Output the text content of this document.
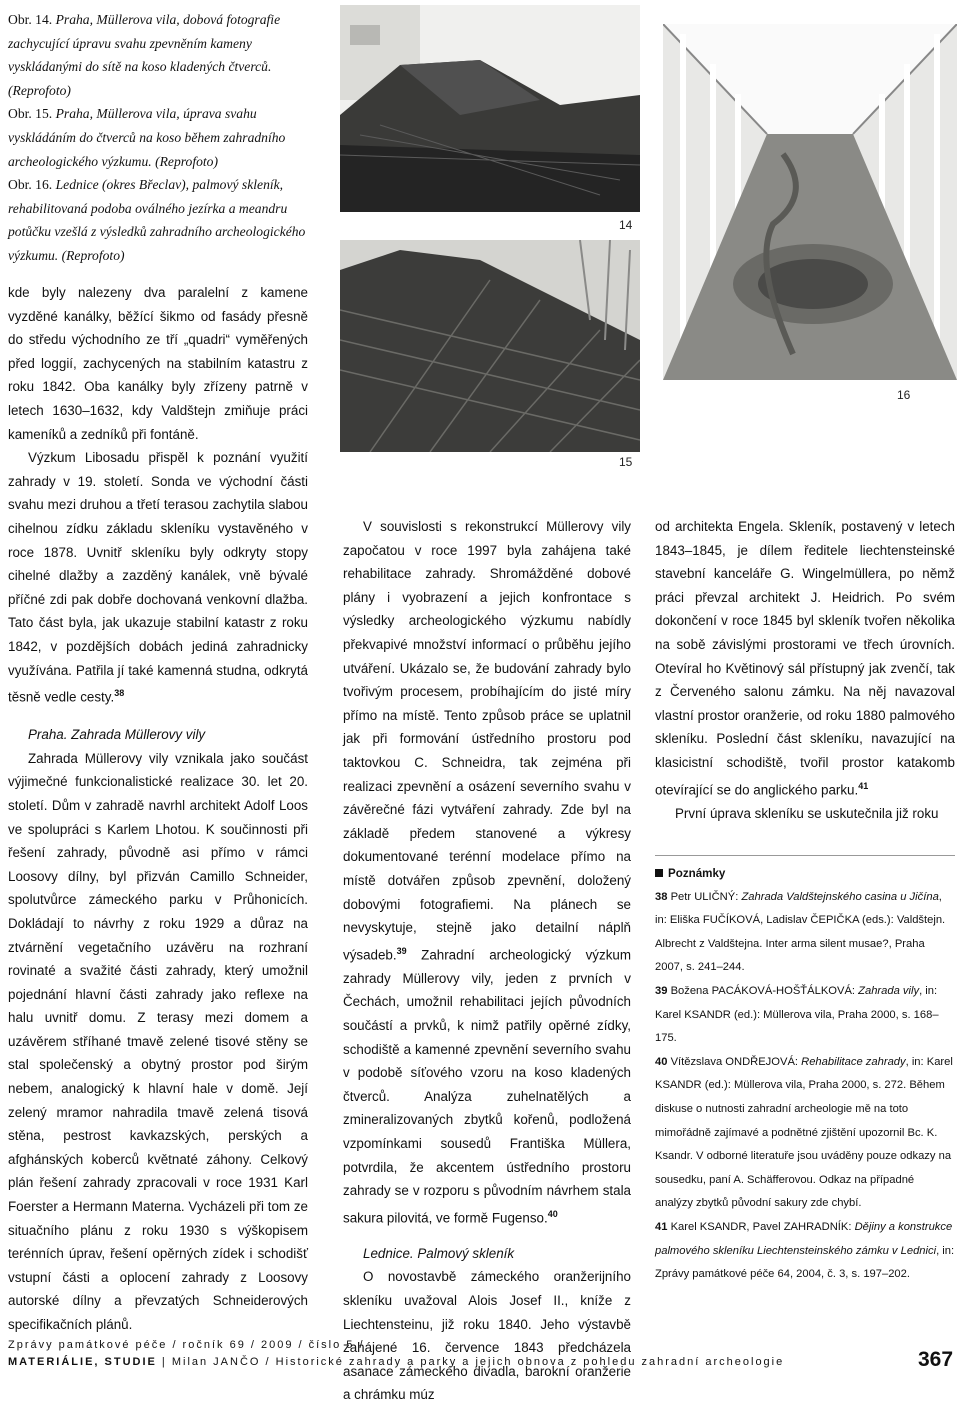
Obr. 14. Praha, Müllerova vila, dobová fotografie zachycující úpravu svahu zpevněním kameny vyskládanými do sítě na koso kladených čtverců. (Reprofoto)

Obr. 15. Praha, Müllerova vila, úprava svahu vyskládáním do čtverců na koso během zahradního archeologického výzkumu. (Reprofoto)

Obr. 16. Lednice (okres Břeclav), palmový skleník, rehabilitovaná podoba oválného jezírka a meandru potůčku vzešlá z výsledků zahradního archeologického výzkumu. (Reprofoto)

14
16
15

kde byly nalezeny dva paralelní z kamene vyzděné kanálky, běžící šikmo od fasády přesně do středu východního ze tří „quadri“ vyměřených před loggií, zachycených na stabilním katastru z roku 1842. Oba kanálky byly zřízeny patrně v letech 1630–1632, kdy Valdštejn zmiňuje práci kameníků a zedníků při fontáně.

Výzkum Libosadu přispěl k poznání využití zahrady v 19. století. Sonda ve východní části svahu mezi druhou a třetí terasou zachytila slabou cihelnou zídku základu skleníku vystavěného v roce 1878. Uvnitř skleníku byly odkryty stopy cihelné dlažby a zazděný kanálek, vně bývalé příčné zdi pak dobře dochovaná venkovní dlažba. Tato část byla, jak ukazuje stabilní katastr z roku 1842, v pozdějších dobách jediná zahradnicky využívána. Patřila jí také kamenná studna, odkrytá těsně vedle cesty.$^{38}$

Praha. Zahrada Müllerovy vily

Zahrada Müllerovy vily vznikala jako součást výjimečné funkcionalistické realizace 30. let 20. století. Dům v zahradě navrhl architekt Adolf Loos ve spolupráci s Karlem Lhotou. K součinnosti při řešení zahrady, původně asi přímo v rámci Loosovy dílny, byl přizván Camillo Schneider, spolutvůrce zámeckého parku v Průhonicích. Dokládají to návrhy z roku 1929 a důraz na ztvárnění vegetačního uzávěru na rozhraní rovinaté a svažité části zahrady, který umožnil pojednání hlavní části zahrady jako reflexe na halu uvnitř domu. Z terasy mezi domem a uzávěrem stříhané tmavě zelené tisové stěny se stal společenský a obytný prostor pod širým nebem, analogický k hlavní hale v domě. Její zelený mramor nahradila tmavě zelená tisová stěna, pestrost kavkazských, perských a afghánských koberců květnaté záhony. Celkový plán řešení zahrady zpracovali v roce 1931 Karl Foerster a Hermann Materna. Vycházeli při tom ze situačního plánu z roku 1930 s výškopisem terénních úprav, řešení opěrných zídek i schodišť vstupní části a oplocení zahrady z Loosovy autorské dílny a převzatých Schneiderových specifikačních plánů.

V souvislosti s rekonstrukcí Müllerovy vily započatou v roce 1997 byla zahájena také rehabilitace zahrady. Shromážděné dobové plány i vyobrazení a jejich konfrontace s výsledky archeologického výzkumu nabídly překvapivé množství informací o průběhu jejího utváření. Ukázalo se, že budování zahrady bylo tvořivým procesem, probíhajícím do jisté míry přímo na místě. Tento způsob práce se uplatnil jak při formování ústředního prostoru pod taktovkou C. Schneidra, tak zejména při realizaci zpevnění a osázení severního svahu v závěrečné fázi vytváření zahrady. Zde byl na základě předem stanovené a výkresy dokumentované terénní modelace přímo na místě dotvářen způsob zpevnění, doložený dobovými fotografiemi. Na plánech se nevyskytuje, stejně jako detailní náplň výsadeb.$^{39}$ Zahradní archeologický výzkum zahrady Müllerovy vily, jeden z prvních v Čechách, umožnil rehabilitaci jejích původních součástí a prvků, k nimž patřily opěrné zídky, schodiště a kamenné zpevnění severního svahu v podobě síťového vzoru na koso kladených čtverců. Analýza zuhelnatělých a zmineralizovaných zbytků kořenů, podložená vzpomínkami sousedů Františka Müllera, potvrdila, že akcentem ústředního prostoru zahrady se v rozporu s původním návrhem stala sakura pilovitá, ve formě Fugenso.$^{40}$

Lednice. Palmový skleník

O novostavbě zámeckého oranžerijního skleníku uvažoval Alois Josef II., kníže z Liechtensteinu, již roku 1840. Jeho výstavbě zahájené 16. července 1843 předcházela asanace zámeckého divadla, barokní oranžerie a chrámku múz

od architekta Engela. Skleník, postavený v letech 1843–1845, je dílem ředitele liechtensteinské stavební kanceláře G. Wingelmüllera, po němž práci převzal architekt J. Heidrich. Po svém dokončení v roce 1845 byl skleník tvořen několika na sobě závislými prostorami ve třech úrovních. Otevíral ho Květinový sál přístupný jak zvenčí, tak z Červeného salonu zámku. Na něj navazoval vlastní prostor oranžerie, od roku 1880 palmového skleníku. Poslední část skleníku, navazující na klasicistní schodiště, tvořil prostor katakomb otevírající se do anglického parku.$^{41}$

První úprava skleníku se uskutečnila již roku

Poznámky

38 Petr ULIČNÝ: Zahrada Valdštejnského casina u Jičína, in: Eliška FUČÍKOVÁ, Ladislav ČEPIČKA (eds.): Valdštejn. Albrecht z Valdštejna. Inter arma silent musae?, Praha 2007, s. 241–244.

39 Božena PACÁKOVÁ-HOŠŤÁLKOVÁ: Zahrada vily, in: Karel KSANDR (ed.): Müllerova vila, Praha 2000, s. 168–175.

40 Vítězslava ONDŘEJOVÁ: Rehabilitace zahrady, in: Karel KSANDR (ed.): Müllerova vila, Praha 2000, s. 272. Během diskuse o nutnosti zahradní archeologie mě na toto mimořádně zajímavé a podnětné zjištění upozornil Bc. K. Ksandr. V odborné literatuře jsou uváděny pouze odkazy na sousedku, paní A. Schäfferovou. Odkaz na případné analýzy zbytků původní sakury zde chybí.

41 Karel KSANDR, Pavel ZAHRADNÍK: Dějiny a konstrukce palmového skleníku Liechtensteinského zámku v Lednici, in: Zprávy památkové péče 64, 2004, č. 3, s. 197–202.

Zprávy památkové péče / ročník 69 / 2009 / číslo 5 /
MATERIÁLIE, STUDIE | Milan JANČO / Historické zahrady a parky a jejich obnova z pohledu zahradní archeologie	367
